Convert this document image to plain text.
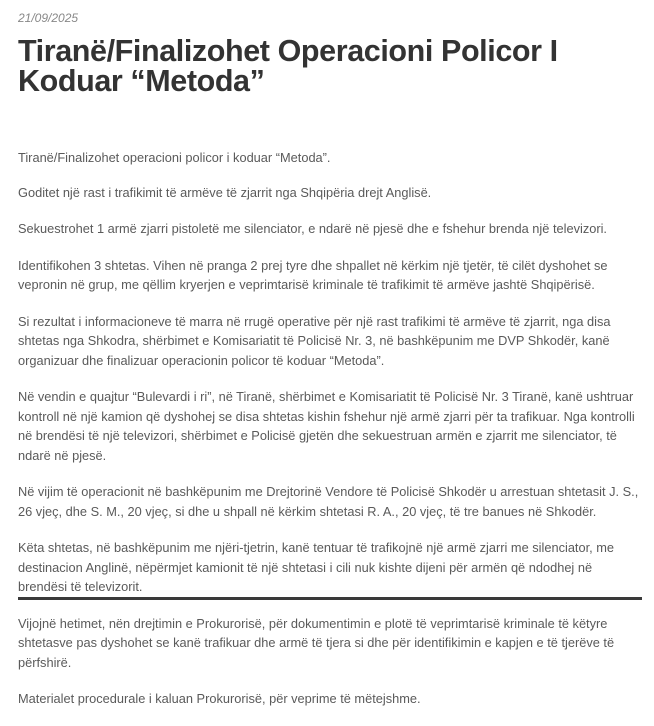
21/09/2025
Tiranë/Finalizohet Operacioni Policor I
Koduar “Metoda”

Tiranë/Finalizohet operacioni policor i koduar “Metoda”.

Goditet një rast i trafikimit të armëve të zjarrit nga Shqipëria drejt Anglisë.

Sekuestrohet 1 armë zjarri pistoletë me silenciator, e ndarë në pjesë dhe e fshehur brenda një televizori.

Identifikohen 3 shtetas. Vihen në pranga 2 prej tyre dhe shpallet në kërkim një tjetër, të cilët dyshohet se vepronin në grup, me qëllim kryerjen e veprimtarisë kriminale të trafikimit të armëve jashtë Shqipërisë.

Si rezultat i informacioneve të marra në rrugë operative për një rast trafikimi të armëve të zjarrit, nga disa shtetas nga Shkodra, shërbimet e Komisariatit të Policisë Nr. 3, në bashkëpunim me DVP Shkodër, kanë organizuar dhe finalizuar operacionin policor të koduar “Metoda”.

Në vendin e quajtur “Bulevardi i ri”, në Tiranë, shërbimet e Komisariatit të Policisë Nr. 3 Tiranë, kanë ushtruar kontroll në një kamion që dyshohej se disa shtetas kishin fshehur një armë zjarri për ta trafikuar. Nga kontrolli në brendësi të një televizori, shërbimet e Policisë gjetën dhe sekuestruan armën e zjarrit me silenciator, të ndarë në pjesë.

Në vijim të operacionit në bashkëpunim me Drejtorinë Vendore të Policisë Shkodër u arrestuan shtetasit J. S., 26 vjeç, dhe S. M., 20 vjeç, si dhe u shpall në kërkim shtetasi R. A., 20 vjeç, të tre banues në Shkodër.

Këta shtetas, në bashkëpunim me njëri-tjetrin, kanë tentuar të trafikojnë një armë zjarri me silenciator, me destinacion Anglinë, nëpërmjet kamionit të një shtetasi i cili nuk kishte dijeni për armën që ndodhej në brendësi të televizorit.

Vijojnë hetimet, nën drejtimin e Prokurorisë, për dokumentimin e plotë të veprimtarisë kriminale të këtyre shtetasve pas dyshohet se kanë trafikuar dhe armë të tjera si dhe për identifikimin e kapjen e të tjerëve të përfshirë.

Materialet procedurale i kaluan Prokurorisë, për veprime të mëtejshme.
